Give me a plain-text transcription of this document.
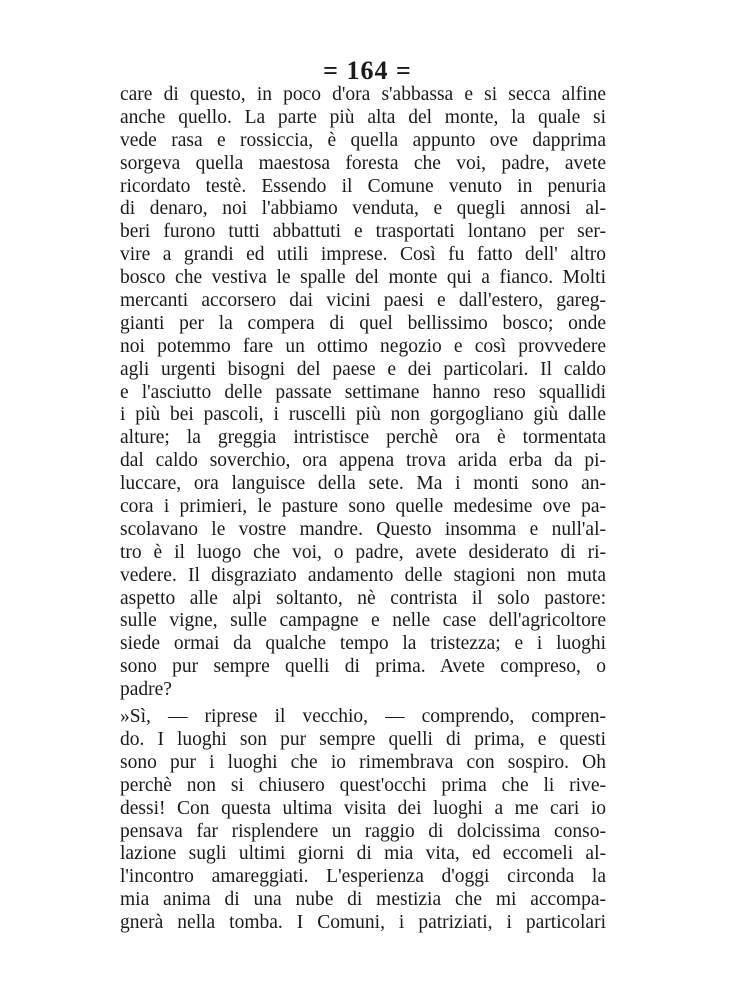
= 164 =
care di questo, in poco d'ora s'abbassa e si secca alfine
anche quello. La parte più alta del monte, la quale si
vede rasa e rossiccia, è quella appunto ove dapprima
sorgeva quella maestosa foresta che voi, padre, avete
ricordato testè. Essendo il Comune venuto in penuria
di denaro, noi l'abbiamo venduta, e quegli annosi al-
beri furono tutti abbattuti e trasportati lontano per ser-
vire a grandi ed utili imprese. Così fu fatto dell' altro
bosco che vestiva le spalle del monte qui a fianco. Molti
mercanti accorsero dai vicini paesi e dall'estero, gareg-
gianti per la compera di quel bellissimo bosco; onde
noi potemmo fare un ottimo negozio e così provvedere
agli urgenti bisogni del paese e dei particolari. Il caldo
e l'asciutto delle passate settimane hanno reso squallidi
i più bei pascoli, i ruscelli più non gorgogliano giù dalle
alture; la greggia intristisce perchè ora è tormentata
dal caldo soverchio, ora appena trova arida erba da pi-
luccare, ora languisce della sete. Ma i monti sono an-
cora i primieri, le pasture sono quelle medesime ove pa-
scolavano le vostre mandre. Questo insomma e null'al-
tro è il luogo che voi, o padre, avete desiderato di ri-
vedere. Il disgraziato andamento delle stagioni non muta
aspetto alle alpi soltanto, nè contrista il solo pastore:
sulle vigne, sulle campagne e nelle case dell'agricoltore
siede ormai da qualche tempo la tristezza; e i luoghi
sono pur sempre quelli di prima. Avete compreso, o
padre?
»Sì, — riprese il vecchio, — comprendo, compren-
do. I luoghi son pur sempre quelli di prima, e questi
sono pur i luoghi che io rimembrava con sospiro. Oh
perchè non si chiusero quest'occhi prima che li rive-
dessi! Con questa ultima visita dei luoghi a me cari io
pensava far risplendere un raggio di dolcissima conso-
lazione sugli ultimi giorni di mia vita, ed eccomeli al-
l'incontro amareggiati. L'esperienza d'oggi circonda la
mia anima di una nube di mestizia che mi accompa-
gnerà nella tomba. I Comuni, i patriziati, i particolari
